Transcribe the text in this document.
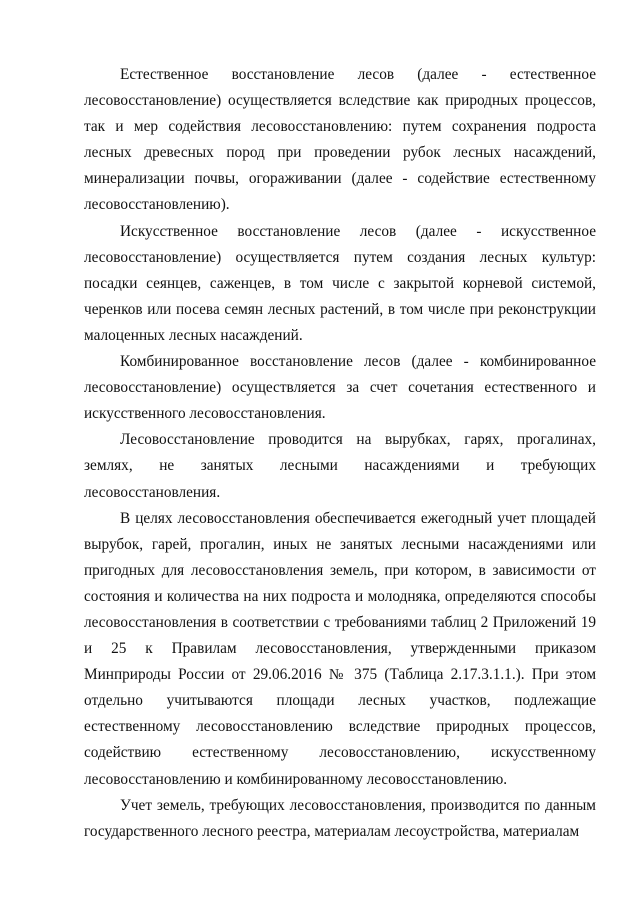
Естественное восстановление лесов (далее - естественное лесовосстановление) осуществляется вследствие как природных процессов, так и мер содействия лесовосстановлению: путем сохранения подроста лесных древесных пород при проведении рубок лесных насаждений, минерализации почвы, огораживании (далее - содействие естественному лесовосстановлению).

Искусственное восстановление лесов (далее - искусственное лесовосстановление) осуществляется путем создания лесных культур: посадки сеянцев, саженцев, в том числе с закрытой корневой системой, черенков или посева семян лесных растений, в том числе при реконструкции малоценных лесных насаждений.

Комбинированное восстановление лесов (далее - комбинированное лесовосстановление) осуществляется за счет сочетания естественного и искусственного лесовосстановления.

Лесовосстановление проводится на вырубках, гарях, прогалинах, землях, не занятых лесными насаждениями и требующих лесовосстановления.

В целях лесовосстановления обеспечивается ежегодный учет площадей вырубок, гарей, прогалин, иных не занятых лесными насаждениями или пригодных для лесовосстановления земель, при котором, в зависимости от состояния и количества на них подроста и молодняка, определяются способы лесовосстановления в соответствии с требованиями таблиц 2 Приложений 19 и 25 к Правилам лесовосстановления, утвержденными приказом Минприроды России от 29.06.2016 № 375 (Таблица 2.17.3.1.1.). При этом отдельно учитываются площади лесных участков, подлежащие естественному лесовосстановлению вследствие природных процессов, содействию естественному лесовосстановлению, искусственному лесовосстановлению и комбинированному лесовосстановлению.

Учет земель, требующих лесовосстановления, производится по данным государственного лесного реестра, материалам лесоустройства, материалам
